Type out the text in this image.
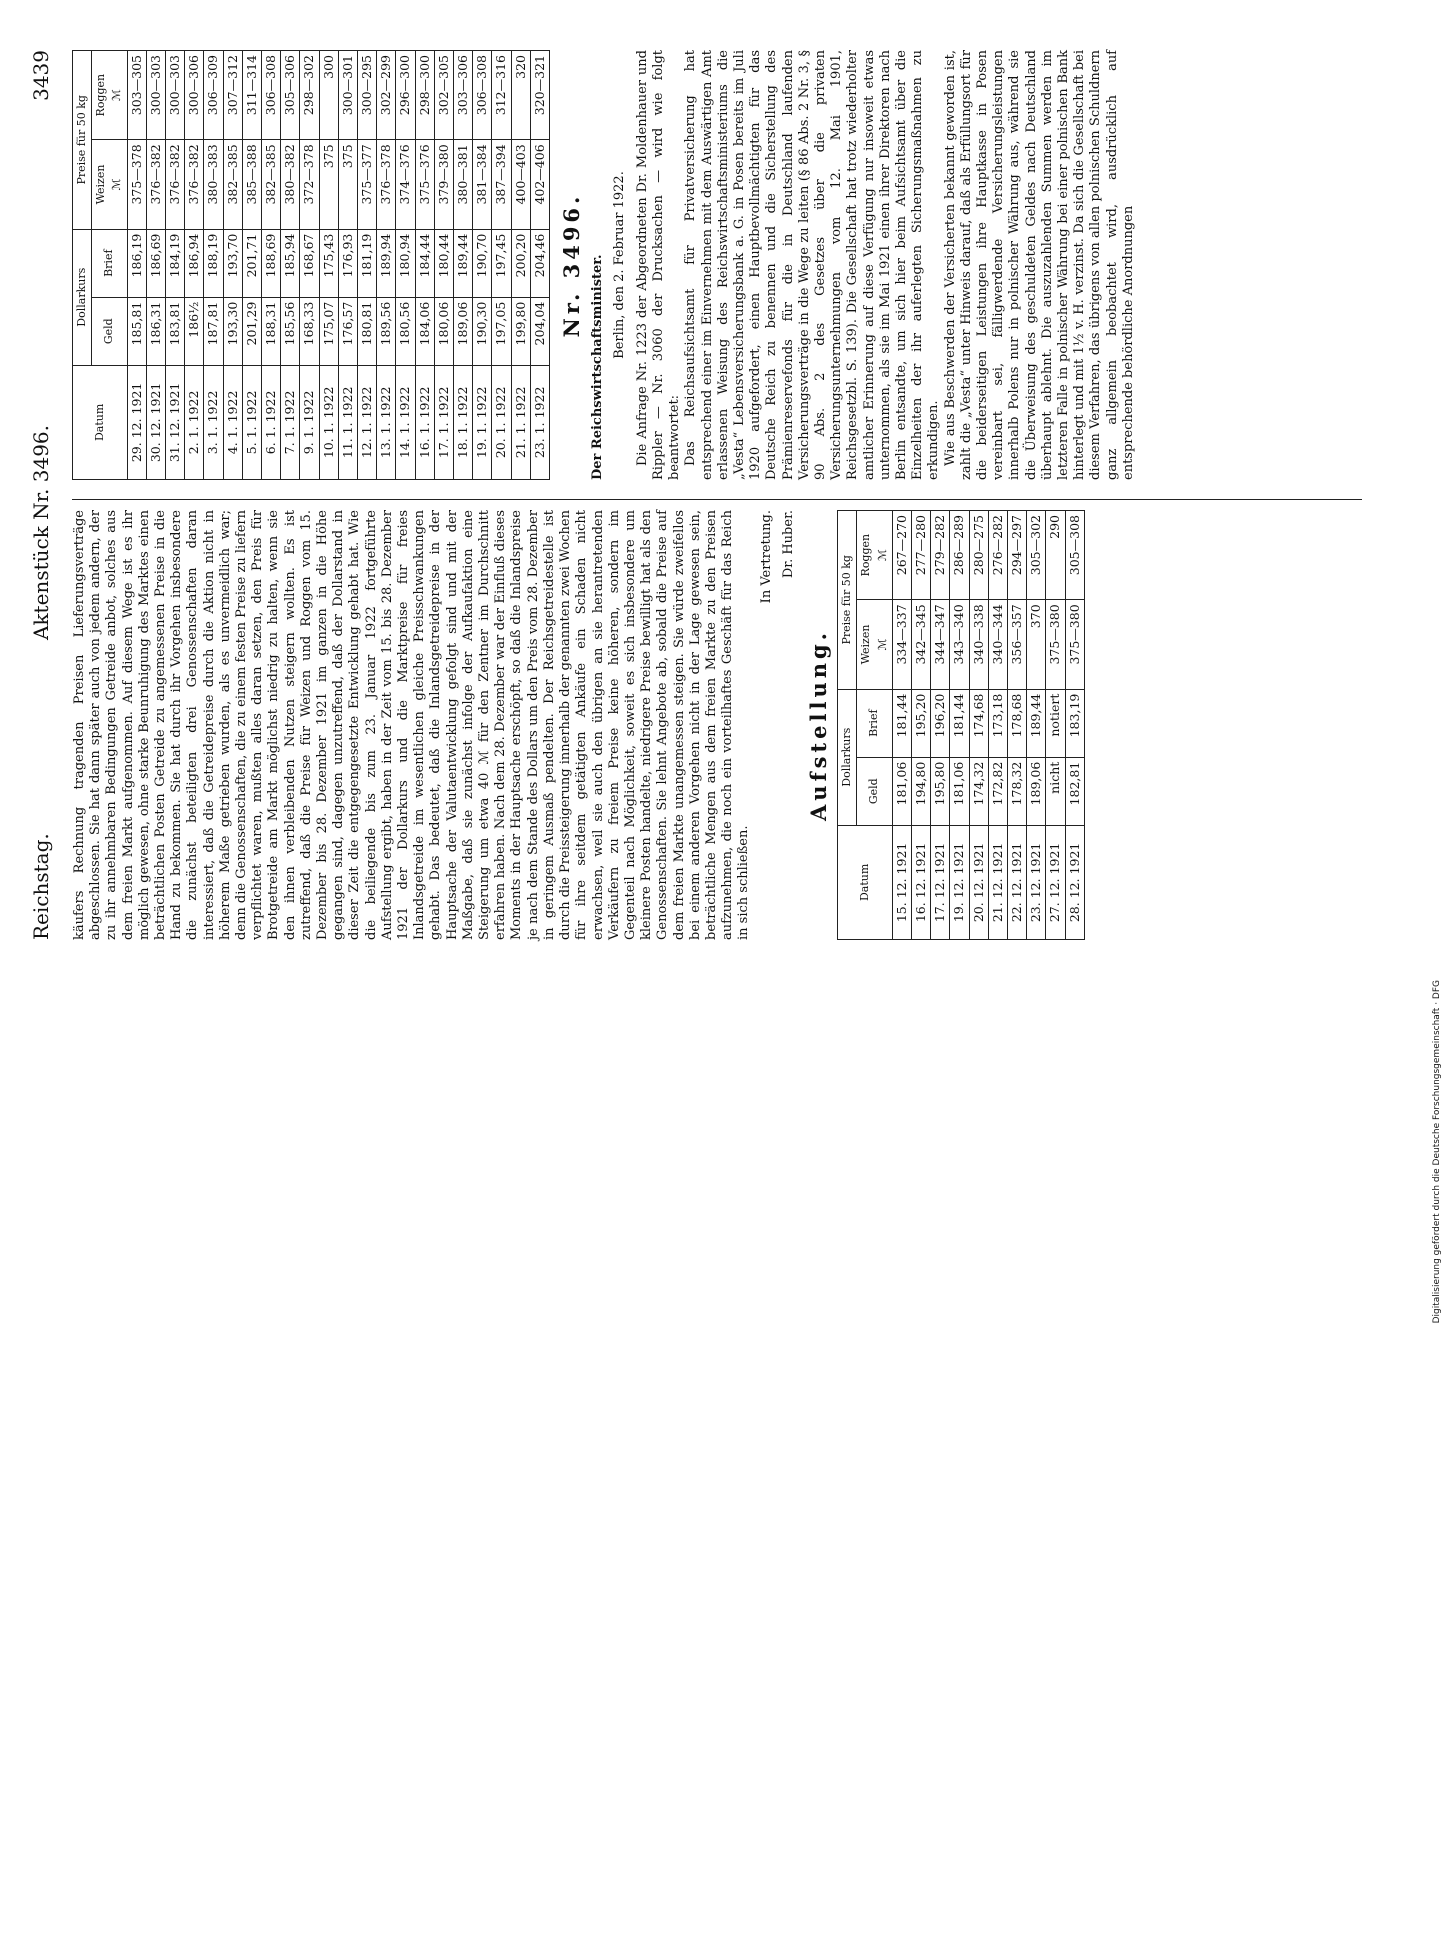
Reichstag.
Aktenstück Nr. 3496.
3439

käufers Rechnung tragenden Preisen Lieferungsverträge abgeschlossen. Sie hat dann später auch von jedem andern, der zu ihr annehmbaren Bedingungen Getreide anbot, solches aus dem freien Markt aufgenommen. Auf diesem Wege ist es ihr möglich gewesen, ohne starke Beunruhigung des Marktes einen beträchtlichen Posten Getreide zu angemessenen Preise in die Hand zu bekommen. Sie hat durch ihr Vorgehen insbesondere die zunächst beteiligten drei Genossenschaften daran interessiert, daß die Getreidepreise durch die Aktion nicht in höherem Maße getrieben wurden, als es unvermeidlich war; denn die Genossenschaften, die zu einem festen Preise zu liefern verpflichtet waren, mußten alles daran setzen, den Preis für Brotgetreide am Markt möglichst niedrig zu halten, wenn sie den ihnen verbleibenden Nutzen steigern wollten. Es ist zutreffend, daß die Preise für Weizen und Roggen vom 15. Dezember bis 28. Dezember 1921 im ganzen in die Höhe gegangen sind, dagegen unzutreffend, daß der Dollarstand in dieser Zeit die entgegengesetzte Entwicklung gehabt hat. Wie die beiliegende bis zum 23. Januar 1922 fortgeführte Aufstellung ergibt, haben in der Zeit vom 15. bis 28. Dezember 1921 der Dollarkurs und die Marktpreise für freies Inlandsgetreide im wesentlichen gleiche Preisschwankungen gehabt. Das bedeutet, daß die Inlandsgetreidepreise in der Hauptsache der Valutaentwicklung gefolgt sind und mit der Maßgabe, daß sie zunächst infolge der Aufkaufaktion eine Steigerung um etwa 40 ℳ für den Zentner im Durchschnitt erfahren haben. Nach dem 28. Dezember war der Einfluß dieses Moments in der Hauptsache erschöpft, so daß die Inlandspreise je nach dem Stande des Dollars um den Preis vom 28. Dezember in geringem Ausmaß pendelten. Der Reichsgetreidestelle ist durch die Preissteigerung innerhalb der genannten zwei Wochen für ihre seitdem getätigten Ankäufe ein Schaden nicht erwachsen, weil sie auch den übrigen an sie herantretenden Verkäufern zu freiem Preise keine höheren, sondern im Gegenteil nach Möglichkeit, soweit es sich insbesondere um kleinere Posten handelte, niedrigere Preise bewilligt hat als den Genossenschaften. Sie lehnt Angebote ab, sobald die Preise auf dem freien Markte unangemessen steigen. Sie würde zweifellos bei einem anderen Vorgehen nicht in der Lage gewesen sein, beträchtliche Mengen aus dem freien Markte zu den Preisen aufzunehmen, die noch ein vorteilhaftes Geschäft für das Reich in sich schließen.

In Vertretung. Dr. Huber.

Aufstellung.
Datum	Dollarkurs		Preise für 50 kg	
	Geld	Brief	Weizen ℳ	Roggen ℳ
15. 12. 1921	181,06	181,44	334—337	267—270
16. 12. 1921	194,80	195,20	342—345	277—280
17. 12. 1921	195,80	196,20	344—347	279—282
19. 12. 1921	181,06	181,44	343—340	286—289
20. 12. 1921	174,32	174,68	340—338	280—275
21. 12. 1921	172,82	173,18	340—344	276—282
22. 12. 1921	178,32	178,68	356—357	294—297
23. 12. 1921	189,06	189,44	370	305—302
27. 12. 1921	nicht	notiert	375—380	290
28. 12. 1921	182,81	183,19	375—380	305—308
Datum	Dollarkurs		Preise für 50 kg	
	Geld	Brief	Weizen ℳ	Roggen ℳ
29. 12. 1921	185,81	186,19	375—378	303—305
30. 12. 1921	186,31	186,69	376—382	300—303
31. 12. 1921	183,81	184,19	376—382	300—303
2. 1. 1922	186½	186,94	376—382	300—306
3. 1. 1922	187,81	188,19	380—383	306—309
4. 1. 1922	193,30	193,70	382—385	307—312
5. 1. 1922	201,29	201,71	385—388	311—314
6. 1. 1922	188,31	188,69	382—385	306—308
7. 1. 1922	185,56	185,94	380—382	305—306
9. 1. 1922	168,33	168,67	372—378	298—302
10. 1. 1922	175,07	175,43	375	300
11. 1. 1922	176,57	176,93	375	300—301
12. 1. 1922	180,81	181,19	375—377	300—295
13. 1. 1922	189,56	189,94	376—378	302—299
14. 1. 1922	180,56	180,94	374—376	296—300
16. 1. 1922	184,06	184,44	375—376	298—300
17. 1. 1922	180,06	180,44	379—380	302—305
18. 1. 1922	189,06	189,44	380—381	303—306
19. 1. 1922	190,30	190,70	381—384	306—308
20. 1. 1922	197,05	197,45	387—394	312—316
21. 1. 1922	199,80	200,20	400—403	320
23. 1. 1922	204,04	204,46	402—406	320—321
Nr. 3496. Der Reichswirtschaftsminister. Berlin, den 2. Februar 1922. Die Anfrage Nr. 1223 der Abgeordneten Dr. Moldenhauer und Rippler — Nr. 3060 der Drucksachen — wird wie folgt beantwortet: Das Reichsaufsichtsamt für Privatversicherung hat entsprechend einer im Einvernehmen mit dem Auswärtigen Amt erlassenen Weisung des Reichswirtschaftsministeriums die „Vesta“ Lebensversicherungsbank a. G. in Posen bereits im Juli 1920 aufgefordert, einen Hauptbevollmächtigten für das Deutsche Reich zu benennen und die Sicherstellung des Prämienreservefonds für die in Deutschland laufenden Versicherungsverträge in die Wege zu leiten (§ 86 Abs. 2 Nr. 3, § 90 Abs. 2 des Gesetzes über die privaten Versicherungsunternehmungen vom 12. Mai 1901, Reichsgesetzbl. S. 139). Die Gesellschaft hat trotz wiederholter amtlicher Erinnerung auf diese Verfügung nur insoweit etwas unternommen, als sie im Mai 1921 einen ihrer Direktoren nach Berlin entsandte, um sich hier beim Aufsichtsamt über die Einzelheiten der ihr auferlegten Sicherungsmaßnahmen zu erkundigen. Wie aus Beschwerden der Versicherten bekannt geworden ist, zahlt die „Vesta“ unter Hinweis darauf, daß als Erfüllungsort für die beiderseitigen Leistungen ihre Hauptkasse in Posen vereinbart sei, fälligwerdende Versicherungsleistungen innerhalb Polens nur in polnischer Währung aus, während sie die Überweisung des geschuldeten Geldes nach Deutschland überhaupt ablehnt. Die auszuzahlenden Summen werden im letzteren Falle in polnischer Währung bei einer polnischen Bank hinterlegt und mit 1½ v. H. verzinst. Da sich die Gesellschaft bei diesem Verfahren, das übrigens von allen polnischen Schuldnern ganz allgemein beobachtet wird, ausdrücklich auf entsprechende behördliche Anordnungen

Digitalisierung gefördert durch die Deutsche Forschungsgemeinschaft · DFG
